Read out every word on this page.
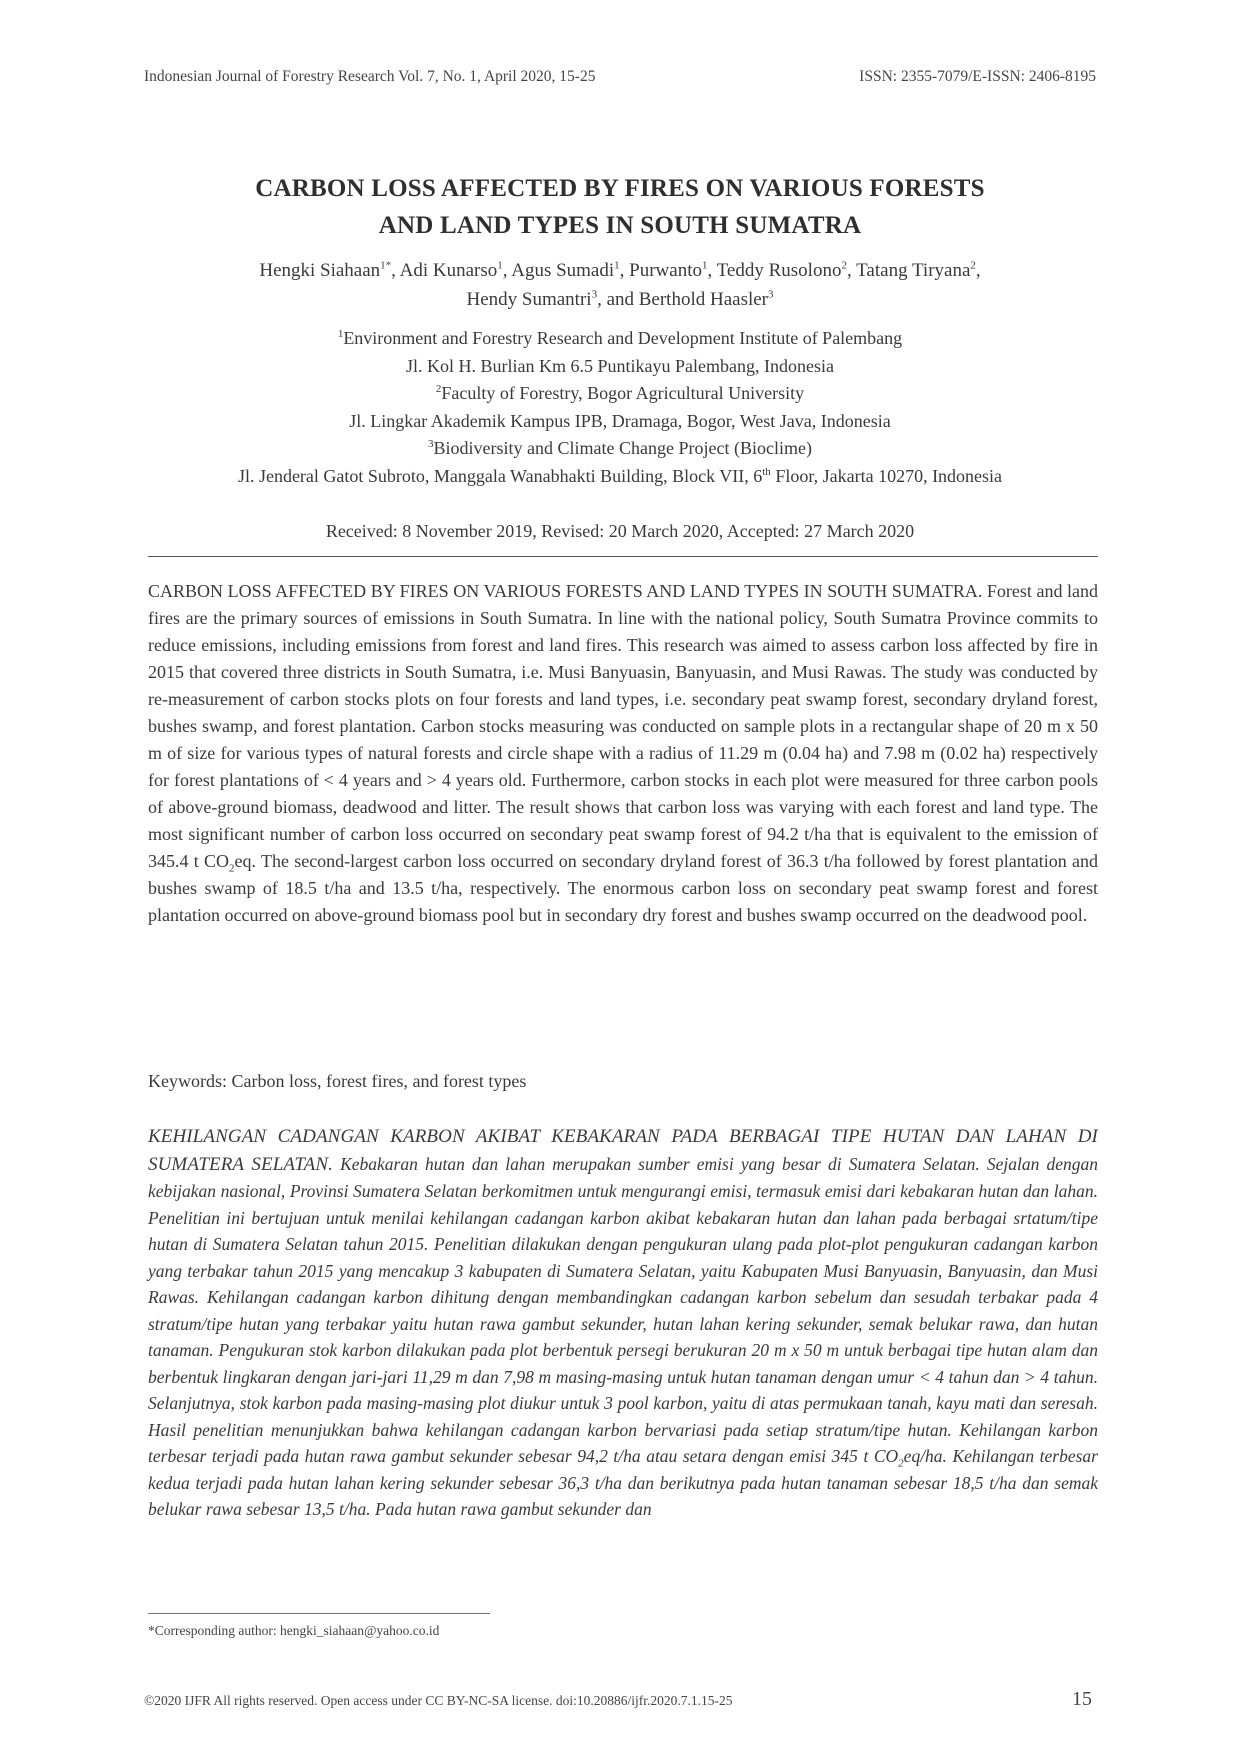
Indonesian Journal of Forestry Research Vol. 7, No. 1, April 2020, 15-25	ISSN: 2355-7079/E-ISSN: 2406-8195
CARBON LOSS AFFECTED BY FIRES ON VARIOUS FORESTS
AND LAND TYPES IN SOUTH SUMATRA
Hengki Siahaan$^{1*}$, Adi Kunarso$^1$, Agus Sumadi$^1$, Purwanto$^1$, Teddy Rusolono$^2$, Tatang Tiryana$^2$,
Hendy Sumantri$^3$, and Berthold Haasler$^3$
$^1$Environment and Forestry Research and Development Institute of Palembang
Jl. Kol H. Burlian Km 6.5 Puntikayu Palembang, Indonesia
$^2$Faculty of Forestry, Bogor Agricultural University
Jl. Lingkar Akademik Kampus IPB, Dramaga, Bogor, West Java, Indonesia
$^3$Biodiversity and Climate Change Project (Bioclime)
Jl. Jenderal Gatot Subroto, Manggala Wanabhakti Building, Block VII, 6th Floor, Jakarta 10270, Indonesia
Received: 8 November 2019, Revised: 20 March 2020, Accepted: 27 March 2020
CARBON LOSS AFFECTED BY FIRES ON VARIOUS FORESTS AND LAND TYPES IN SOUTH SUMATRA. Forest and land fires are the primary sources of emissions in South Sumatra. In line with the national policy, South Sumatra Province commits to reduce emissions, including emissions from forest and land fires. This research was aimed to assess carbon loss affected by fire in 2015 that covered three districts in South Sumatra, i.e. Musi Banyuasin, Banyuasin, and Musi Rawas. The study was conducted by re-measurement of carbon stocks plots on four forests and land types, i.e. secondary peat swamp forest, secondary dryland forest, bushes swamp, and forest plantation. Carbon stocks measuring was conducted on sample plots in a rectangular shape of 20 m x 50 m of size for various types of natural forests and circle shape with a radius of 11.29 m (0.04 ha) and 7.98 m (0.02 ha) respectively for forest plantations of < 4 years and > 4 years old. Furthermore, carbon stocks in each plot were measured for three carbon pools of above-ground biomass, deadwood and litter. The result shows that carbon loss was varying with each forest and land type. The most significant number of carbon loss occurred on secondary peat swamp forest of 94.2 t/ha that is equivalent to the emission of 345.4 t $CO_2eq$. The second-largest carbon loss occurred on secondary dryland forest of 36.3 t/ha followed by forest plantation and bushes swamp of 18.5 t/ha and 13.5 t/ha, respectively. The enormous carbon loss on secondary peat swamp forest and forest plantation occurred on above-ground biomass pool but in secondary dry forest and bushes swamp occurred on the deadwood pool.
Keywords: Carbon loss, forest fires, and forest types
KEHILANGAN CADANGAN KARBON AKIBAT KEBAKARAN PADA BERBAGAI TIPE HUTAN DAN LAHAN DI SUMATERA SELATAN. Kebakaran hutan dan lahan merupakan sumber emisi yang besar di Sumatera Selatan. Sejalan dengan kebijakan nasional, Provinsi Sumatera Selatan berkomitmen untuk mengurangi emisi, termasuk emisi dari kebakaran hutan dan lahan. Penelitian ini bertujuan untuk menilai kehilangan cadangan karbon akibat kebakaran hutan dan lahan pada berbagai srtatum/tipe hutan di Sumatera Selatan tahun 2015. Penelitian dilakukan dengan pengukuran ulang pada plot-plot pengukuran cadangan karbon yang terbakar tahun 2015 yang mencakup 3 kabupaten di Sumatera Selatan, yaitu Kabupaten Musi Banyuasin, Banyuasin, dan Musi Rawas. Kehilangan cadangan karbon dihitung dengan membandingkan cadangan karbon sebelum dan sesudah terbakar pada 4 stratum/tipe hutan yang terbakar yaitu hutan rawa gambut sekunder, hutan lahan kering sekunder, semak belukar rawa, dan hutan tanaman. Pengukuran stok karbon dilakukan pada plot berbentuk persegi berukuran 20 m x 50 m untuk berbagai tipe hutan alam dan berbentuk lingkaran dengan jari-jari 11,29 m dan 7,98 m masing-masing untuk hutan tanaman dengan umur < 4 tahun dan > 4 tahun. Selanjutnya, stok karbon pada masing-masing plot diukur untuk 3 pool karbon, yaitu di atas permukaan tanah, kayu mati dan seresah. Hasil penelitian menunjukkan bahwa kehilangan cadangan karbon bervariasi pada setiap stratum/tipe hutan. Kehilangan karbon terbesar terjadi pada hutan rawa gambut sekunder sebesar 94,2 t/ha atau setara dengan emisi 345 t $CO_2eq/ha$. Kehilangan terbesar kedua terjadi pada hutan lahan kering sekunder sebesar 36,3 t/ha dan berikutnya pada hutan tanaman sebesar 18,5 t/ha dan semak belukar rawa sebesar 13,5 t/ha. Pada hutan rawa gambut sekunder dan
*Corresponding author: hengki_siahaan@yahoo.co.id
©2020 IJFR All rights reserved. Open access under CC BY-NC-SA license. doi:10.20886/ijfr.2020.7.1.15-25	15
